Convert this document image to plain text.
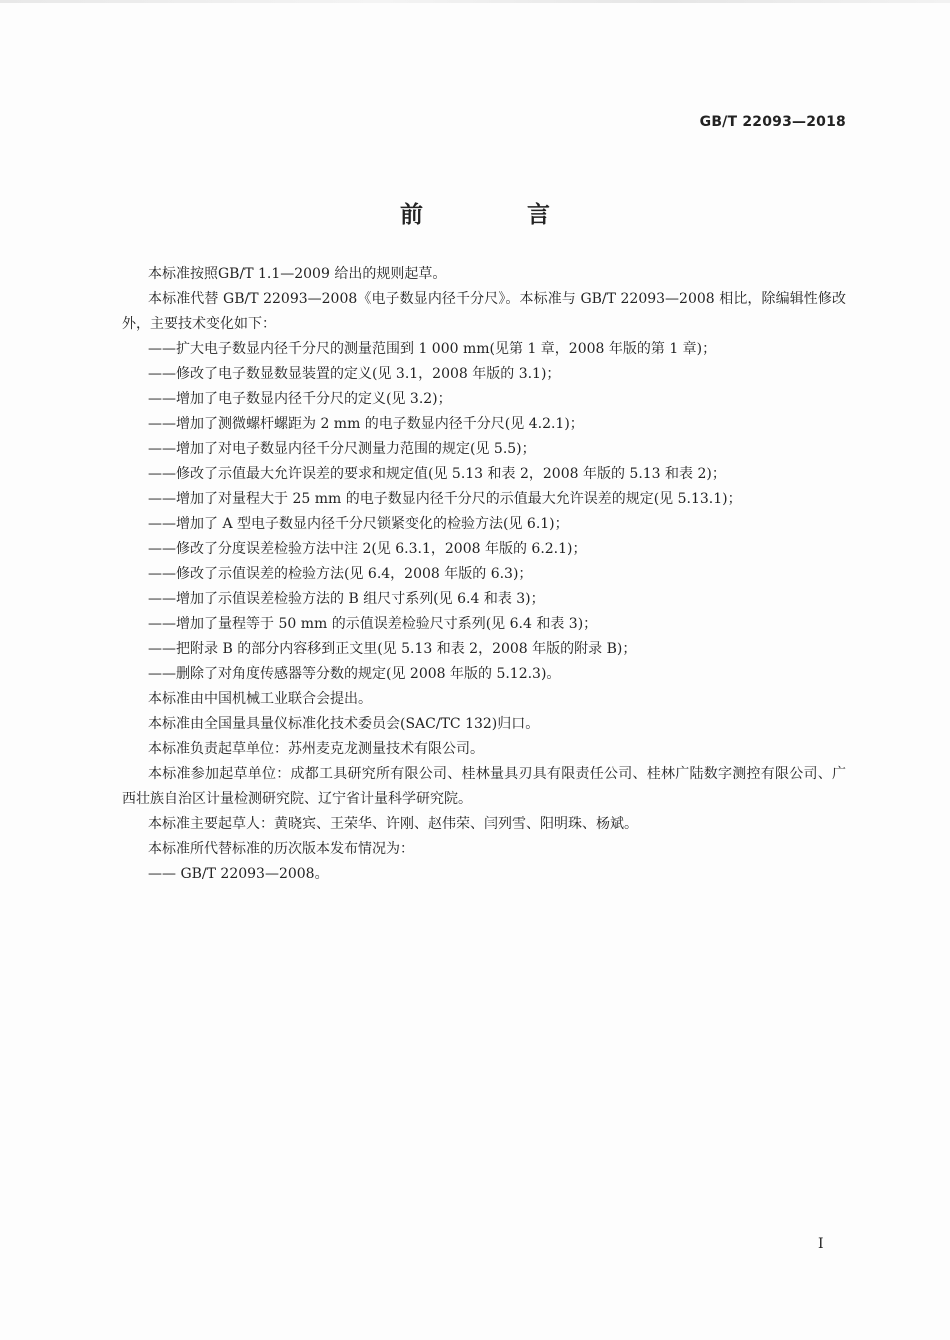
GB/T 22093—2018
前 言

本标准按照GB/T 1.1—2009 给出的规则起草。

本标准代替 GB/T 22093—2008《电子数显内径千分尺》。本标准与 GB/T 22093—2008 相比，除编辑性修改外，主要技术变化如下：

——扩大电子数显内径千分尺的测量范围到 1 000 mm(见第 1 章，2008 年版的第 1 章)；

——修改了电子数显数显装置的定义(见 3.1，2008 年版的 3.1)；

——增加了电子数显内径千分尺的定义(见 3.2)；

——增加了测微螺杆螺距为 2 mm 的电子数显内径千分尺(见 4.2.1)；

——增加了对电子数显内径千分尺测量力范围的规定(见 5.5)；

——修改了示值最大允许误差的要求和规定值(见 5.13 和表 2，2008 年版的 5.13 和表 2)；

——增加了对量程大于 25 mm 的电子数显内径千分尺的示值最大允许误差的规定(见 5.13.1)；

——增加了 A 型电子数显内径千分尺锁紧变化的检验方法(见 6.1)；

——修改了分度误差检验方法中注 2(见 6.3.1，2008 年版的 6.2.1)；

——修改了示值误差的检验方法(见 6.4，2008 年版的 6.3)；

——增加了示值误差检验方法的 B 组尺寸系列(见 6.4 和表 3)；

——增加了量程等于 50 mm 的示值误差检验尺寸系列(见 6.4 和表 3)；

——把附录 B 的部分内容移到正文里(见 5.13 和表 2，2008 年版的附录 B)；

——删除了对角度传感器等分数的规定(见 2008 年版的 5.12.3)。

本标准由中国机械工业联合会提出。

本标准由全国量具量仪标准化技术委员会(SAC/TC 132)归口。

本标准负责起草单位：苏州麦克龙测量技术有限公司。

本标准参加起草单位：成都工具研究所有限公司、桂林量具刃具有限责任公司、桂林广陆数字测控有限公司、广西壮族自治区计量检测研究院、辽宁省计量科学研究院。

本标准主要起草人：黄晓宾、王荣华、许刚、赵伟荣、闫列雪、阳明珠、杨斌。

本标准所代替标准的历次版本发布情况为：

—— GB/T 22093—2008。

I
